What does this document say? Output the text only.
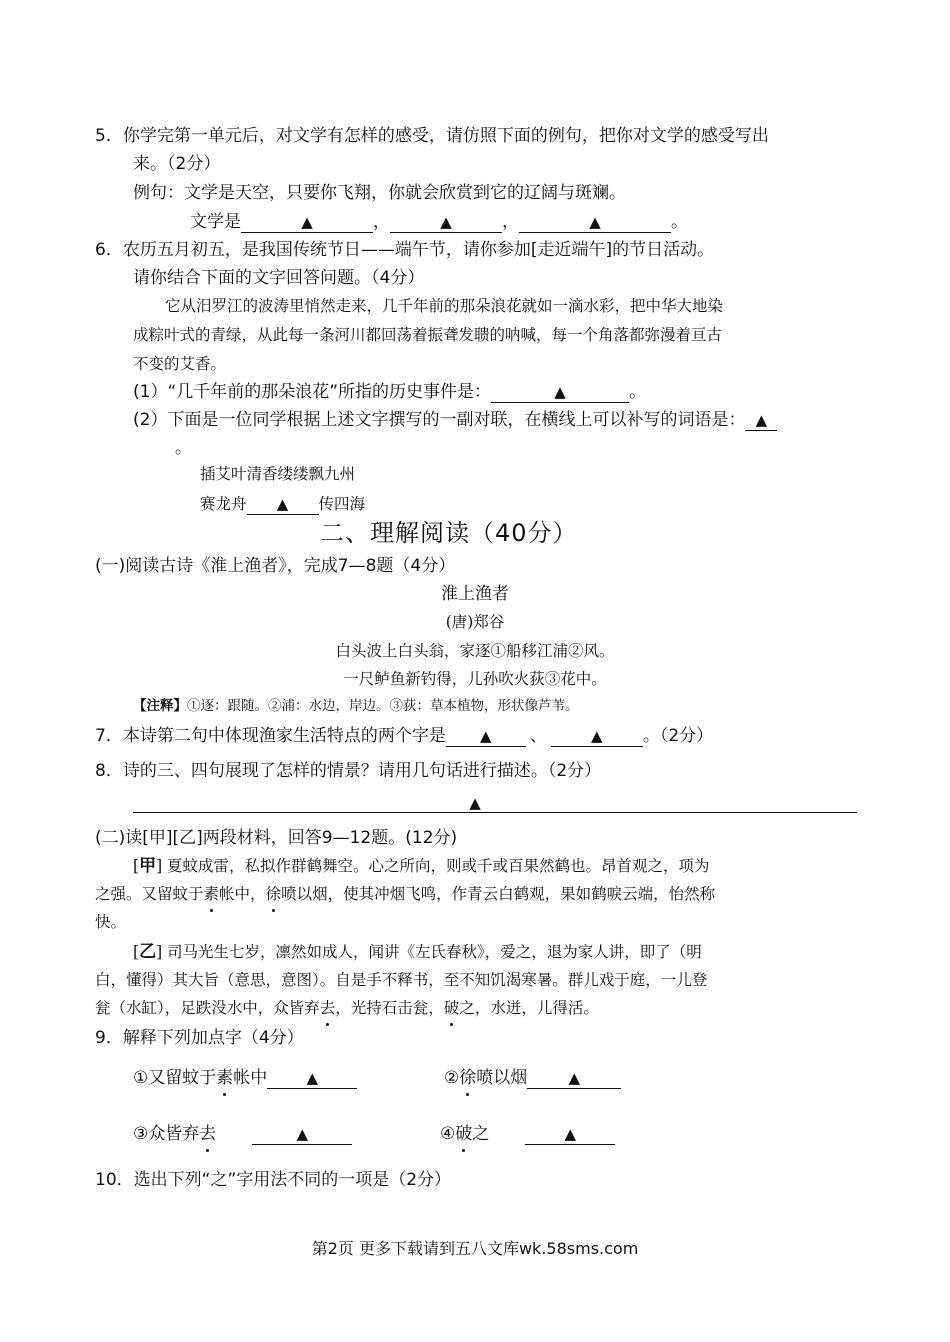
5．你学完第一单元后，对文学有怎样的感受，请仿照下面的例句，把你对文学的感受写出
来。（2分）
例句：文学是天空，只要你飞翔，你就会欣赏到它的辽阔与斑斓。
文学是	▲	，	▲	，	▲	。
6．农历五月初五，是我国传统节日——端午节，请你参加[走近端午]的节日活动。
请你结合下面的文字回答问题。（4分）
它从汨罗江的波涛里悄然走来，几千年前的那朵浪花就如一滴水彩，把中华大地染
成粽叶式的青绿，从此每一条河川都回荡着振聋发聩的呐喊，每一个角落都弥漫着亘古
不变的艾香。
(1）“几千年前的那朵浪花”所指的历史事件是：	▲	。
(2）下面是一位同学根据上述文字撰写的一副对联，在横线上可以补写的词语是： ▲
。
插艾叶清香缕缕飘九州
赛龙舟 ▲ 传四海
二、理解阅读（40分）
(一)阅读古诗《淮上渔者》，完成7—8题（4分）
淮上渔者
(唐)郑谷
白头波上白头翁，家逐①船移江浦②风。
一尺鲈鱼新钓得，儿孙吹火荻③花中。
【注释】①逐：跟随。②浦：水边，岸边。③荻：草本植物，形状像芦苇。
7．本诗第二句中体现渔家生活特点的两个字是 ▲ 、	▲ 。（2分）
8．诗的三、四句展现了怎样的情景？请用几句话进行描述。（2分）
▲
(二)读[甲][乙]两段材料，回答9—12题。(12分)
[甲] 夏蚊成雷，私拟作群鹤舞空。心之所向，则或千或百果然鹤也。昂首观之，项为
之强。又留蚊于素帐中，徐喷以烟，使其冲烟飞鸣，作青云白鹤观，果如鹤唳云端，怡然称
快。
[乙] 司马光生七岁，凛然如成人，闻讲《左氏春秋》，爱之，退为家人讲，即了（明
白，懂得）其大旨（意思，意图）。自是手不释书，至不知饥渴寒暑。群儿戏于庭，一儿登
瓮（水缸），足跌没水中，众皆弃去，光持石击瓮，破之，水迸，儿得活。
9．解释下列加点字（4分）
①又留蚊于素帐中	▲	②徐喷以烟	▲
③众皆弃去	▲	④破之	▲
10．选出下列“之”字用法不同的一项是（2分）
第2页 更多下载请到五八文库wk.58sms.com
